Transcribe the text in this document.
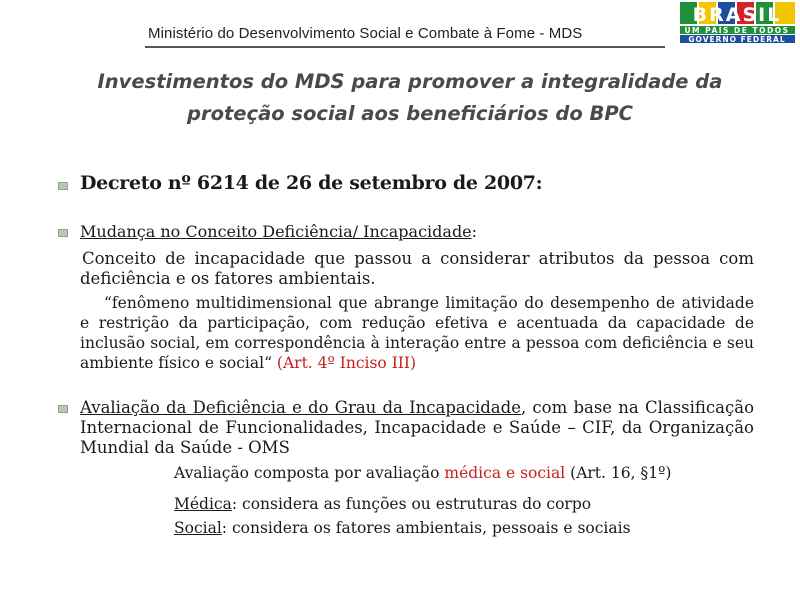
Ministério do Desenvolvimento Social e Combate à Fome - MDS
BRASIL
UM PAÍS DE TODOS
GOVERNO FEDERAL
Investimentos do MDS para promover a integralidade da
proteção social aos beneficiários do BPC
Decreto nº 6214 de 26 de setembro de 2007:
Mudança no Conceito Deficiência/ Incapacidade:
Conceito de incapacidade que passou a considerar atributos da pessoa com deficiência e os fatores ambientais.
“fenômeno multidimensional que abrange limitação do desempenho de atividade e restrição da participação, com redução efetiva e acentuada da capacidade de inclusão social, em correspondência à interação entre a pessoa com deficiência e seu ambiente físico e social“ (Art. 4º Inciso III)
Avaliação da Deficiência e do Grau da Incapacidade, com base na Classificação Internacional de Funcionalidades, Incapacidade e Saúde – CIF, da Organização Mundial da Saúde - OMS
Avaliação composta por avaliação médica e social (Art. 16, §1º)
Médica: considera as funções ou estruturas do corpo
Social: considera os fatores ambientais, pessoais e sociais
